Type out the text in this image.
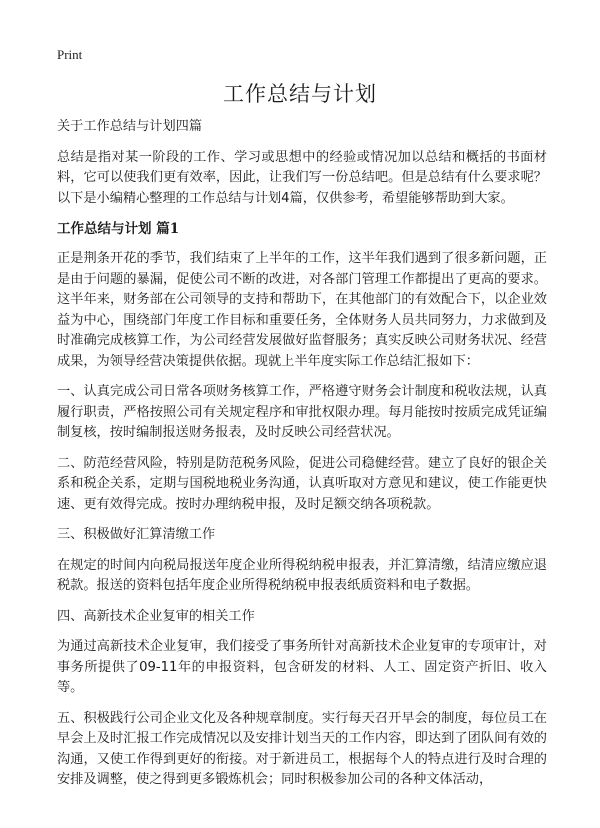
Print
工作总结与计划

关于工作总结与计划四篇

总结是指对某一阶段的工作、学习或思想中的经验或情况加以总结和概括的书面材料，它可以使我们更有效率，因此，让我们写一份总结吧。但是总结有什么要求呢？以下是小编精心整理的工作总结与计划4篇，仅供参考，希望能够帮助到大家。

工作总结与计划 篇1

正是荆条开花的季节，我们结束了上半年的工作，这半年我们遇到了很多新问题，正是由于问题的暴漏，促使公司不断的改进，对各部门管理工作都提出了更高的要求。这半年来，财务部在公司领导的支持和帮助下，在其他部门的有效配合下，以企业效益为中心，围绕部门年度工作目标和重要任务，全体财务人员共同努力，力求做到及时准确完成核算工作，为公司经营发展做好监督服务；真实反映公司财务状况、经营成果，为领导经营决策提供依据。现就上半年度实际工作总结汇报如下：

一、认真完成公司日常各项财务核算工作，严格遵守财务会计制度和税收法规，认真履行职责，严格按照公司有关规定程序和审批权限办理。每月能按时按质完成凭证编制复核，按时编制报送财务报表，及时反映公司经营状况。

二、防范经营风险，特别是防范税务风险，促进公司稳健经营。建立了良好的银企关系和税企关系，定期与国税地税业务沟通，认真听取对方意见和建议，使工作能更快速、更有效得完成。按时办理纳税申报，及时足额交纳各项税款。

三、积极做好汇算清缴工作

在规定的时间内向税局报送年度企业所得税纳税申报表，并汇算清缴，结清应缴应退税款。报送的资料包括年度企业所得税纳税申报表纸质资料和电子数据。

四、高新技术企业复审的相关工作

为通过高新技术企业复审，我们接受了事务所针对高新技术企业复审的专项审计，对事务所提供了09-11年的申报资料，包含研发的材料、人工、固定资产折旧、收入等。

五、积极践行公司企业文化及各种规章制度。实行每天召开早会的制度，每位员工在早会上及时汇报工作完成情况以及安排计划当天的工作内容，即达到了团队间有效的沟通，又使工作得到更好的衔接。对于新进员工，根据每个人的特点进行及时合理的安排及调整，使之得到更多锻炼机会；同时积极参加公司的各种文体活动，
